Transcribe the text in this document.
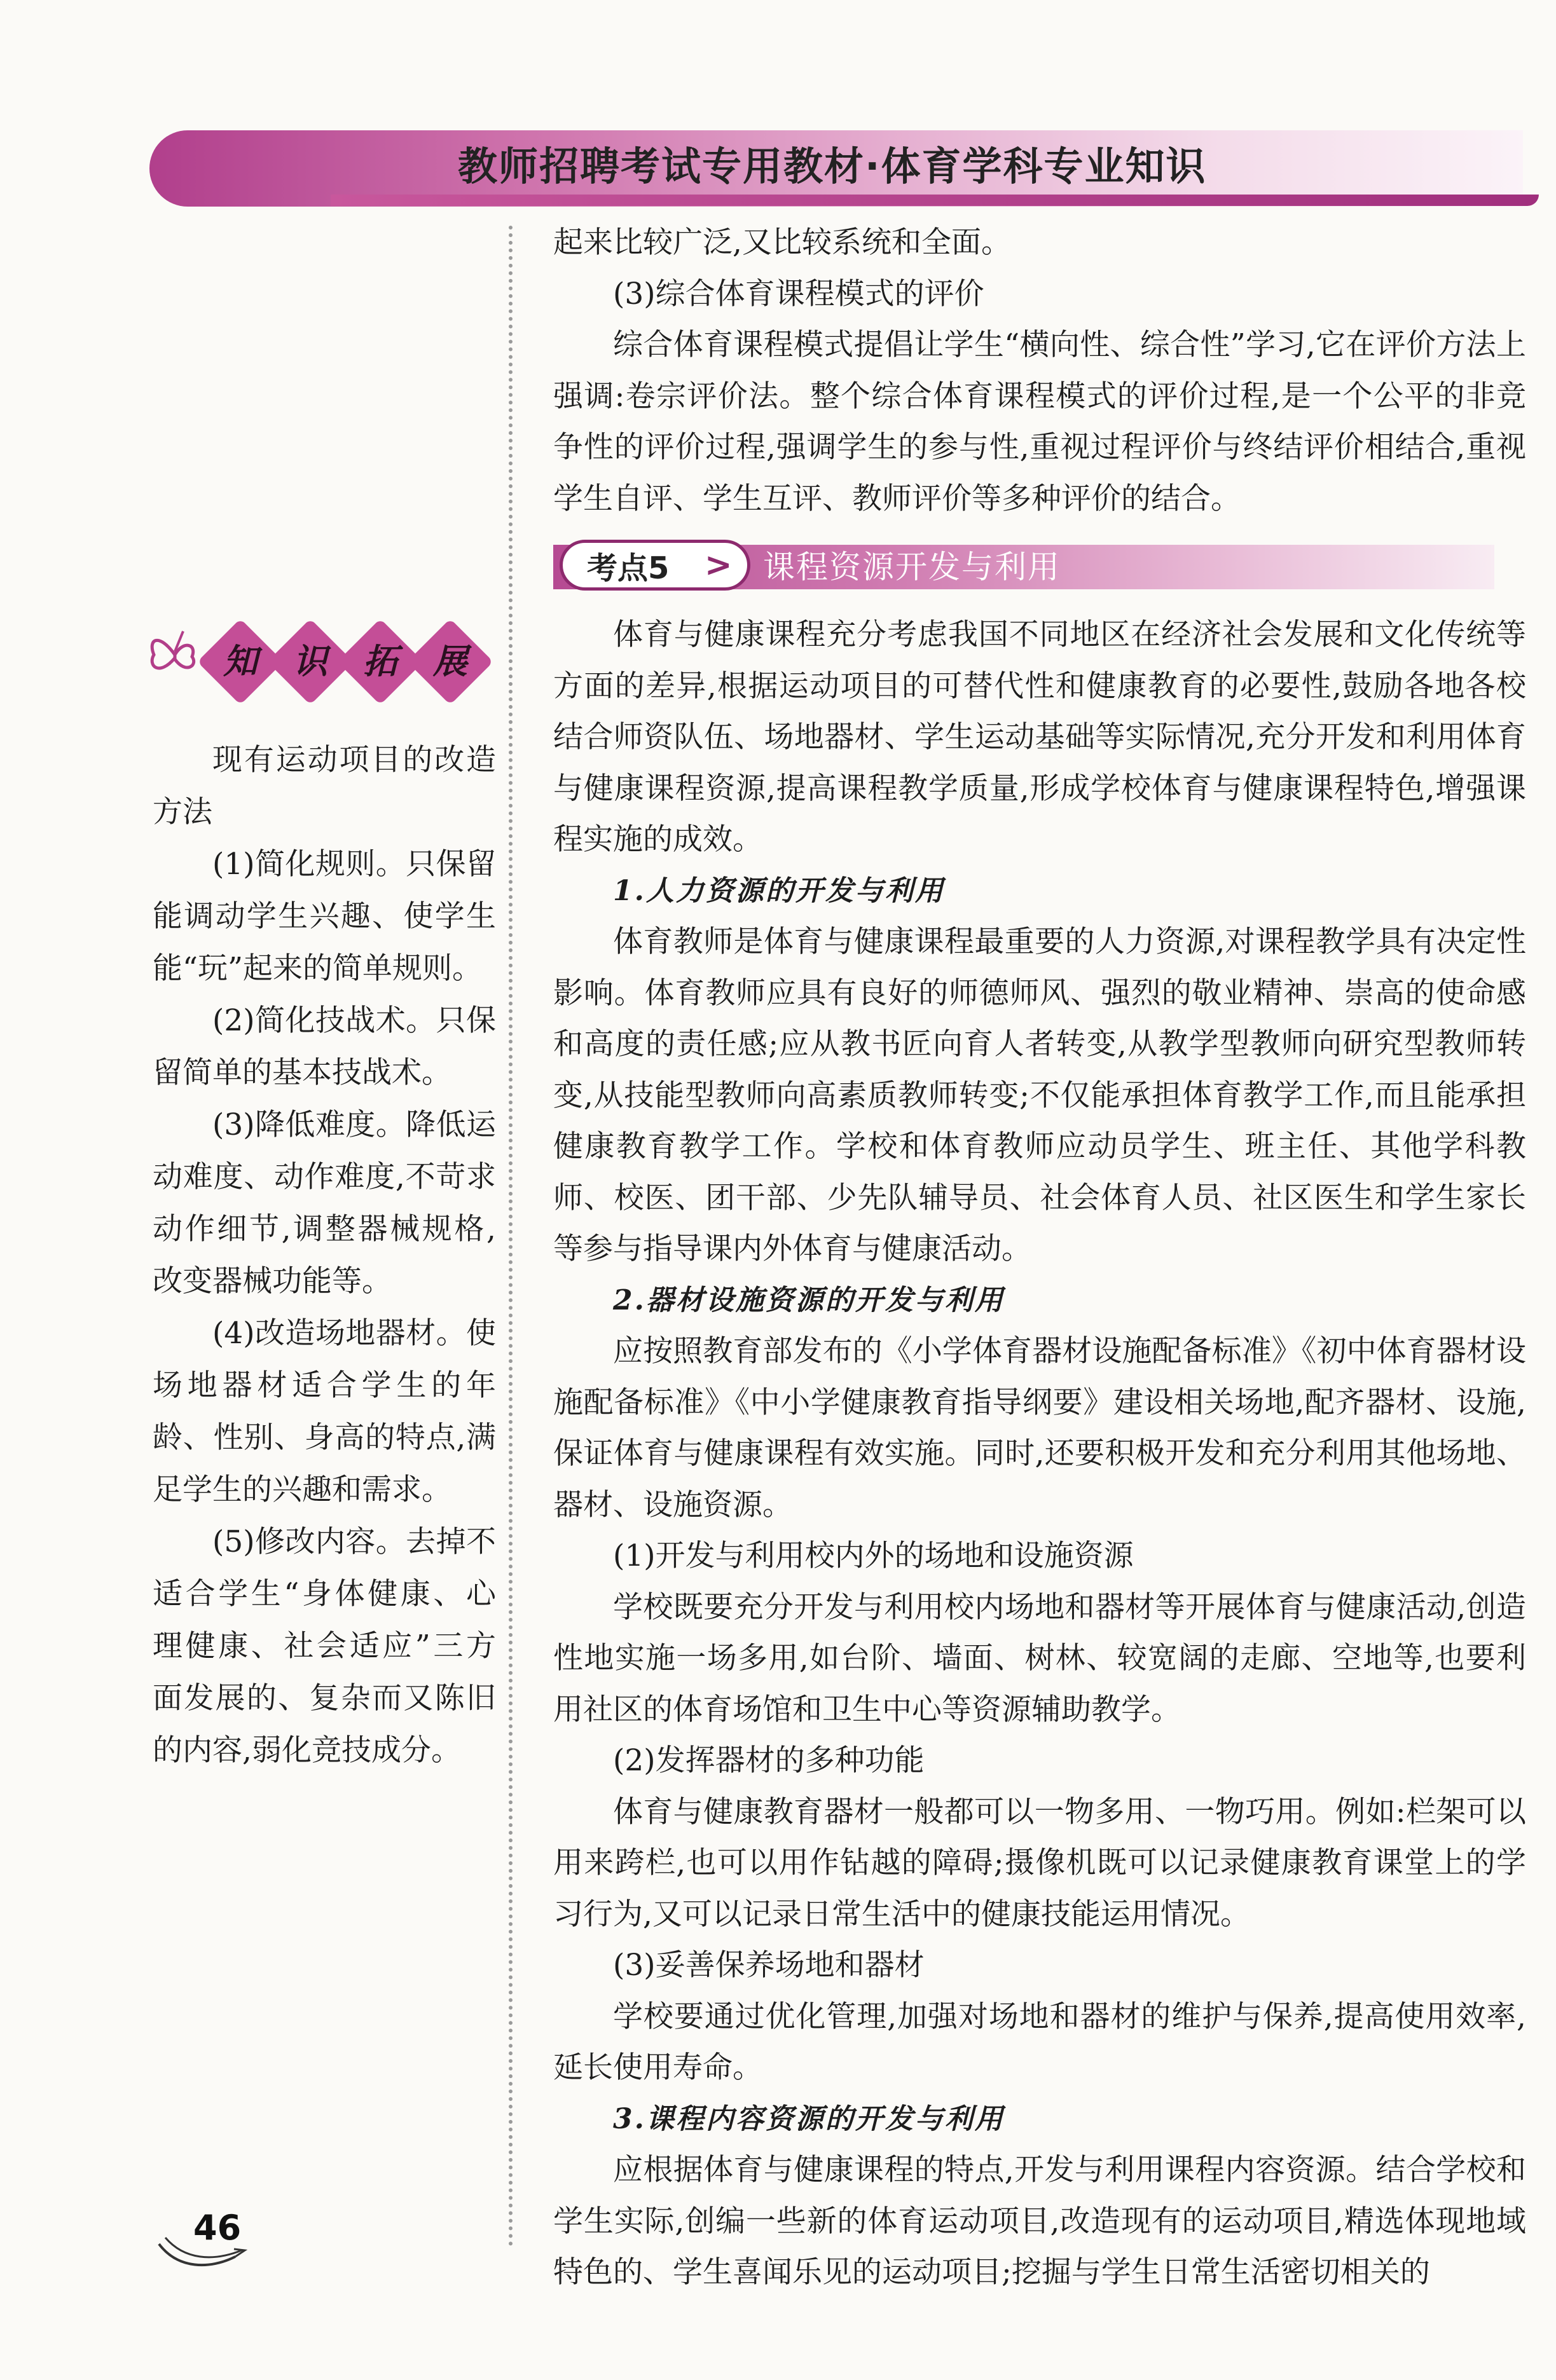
教师招聘考试专用教材·体育学科专业知识
知	识	拓	展

现有运动项目的改造方法

(1)简化规则。只保留能调动学生兴趣、使学生能“玩”起来的简单规则。

(2)简化技战术。只保留简单的基本技战术。

(3)降低难度。降低运动难度、动作难度,不苛求动作细节,调整器械规格,改变器械功能等。

(4)改造场地器材。使场地器材适合学生的年龄、性别、身高的特点,满足学生的兴趣和需求。

(5)修改内容。去掉不适合学生“身体健康、心理健康、社会适应”三方面发展的、复杂而又陈旧的内容,弱化竞技成分。

起来比较广泛,又比较系统和全面。

(3)综合体育课程模式的评价

综合体育课程模式提倡让学生“横向性、综合性”学习,它在评价方法上强调:卷宗评价法。整个综合体育课程模式的评价过程,是一个公平的非竞争性的评价过程,强调学生的参与性,重视过程评价与终结评价相结合,重视学生自评、学生互评、教师评价等多种评价的结合。

考点5	> 课程资源开发与利用

体育与健康课程充分考虑我国不同地区在经济社会发展和文化传统等方面的差异,根据运动项目的可替代性和健康教育的必要性,鼓励各地各校结合师资队伍、场地器材、学生运动基础等实际情况,充分开发和利用体育与健康课程资源,提高课程教学质量,形成学校体育与健康课程特色,增强课程实施的成效。

1.人力资源的开发与利用

体育教师是体育与健康课程最重要的人力资源,对课程教学具有决定性影响。体育教师应具有良好的师德师风、强烈的敬业精神、崇高的使命感和高度的责任感;应从教书匠向育人者转变,从教学型教师向研究型教师转变,从技能型教师向高素质教师转变;不仅能承担体育教学工作,而且能承担健康教育教学工作。学校和体育教师应动员学生、班主任、其他学科教师、校医、团干部、少先队辅导员、社会体育人员、社区医生和学生家长等参与指导课内外体育与健康活动。

2.器材设施资源的开发与利用

应按照教育部发布的《小学体育器材设施配备标准》《初中体育器材设施配备标准》《中小学健康教育指导纲要》建设相关场地,配齐器材、设施,保证体育与健康课程有效实施。同时,还要积极开发和充分利用其他场地、器材、设施资源。

(1)开发与利用校内外的场地和设施资源

学校既要充分开发与利用校内场地和器材等开展体育与健康活动,创造性地实施一场多用,如台阶、墙面、树林、较宽阔的走廊、空地等,也要利用社区的体育场馆和卫生中心等资源辅助教学。

(2)发挥器材的多种功能

体育与健康教育器材一般都可以一物多用、一物巧用。例如:栏架可以用来跨栏,也可以用作钻越的障碍;摄像机既可以记录健康教育课堂上的学习行为,又可以记录日常生活中的健康技能运用情况。

(3)妥善保养场地和器材

学校要通过优化管理,加强对场地和器材的维护与保养,提高使用效率,延长使用寿命。

3.课程内容资源的开发与利用

应根据体育与健康课程的特点,开发与利用课程内容资源。结合学校和学生实际,创编一些新的体育运动项目,改造现有的运动项目,精选体现地域特色的、学生喜闻乐见的运动项目;挖掘与学生日常生活密切相关的

46
